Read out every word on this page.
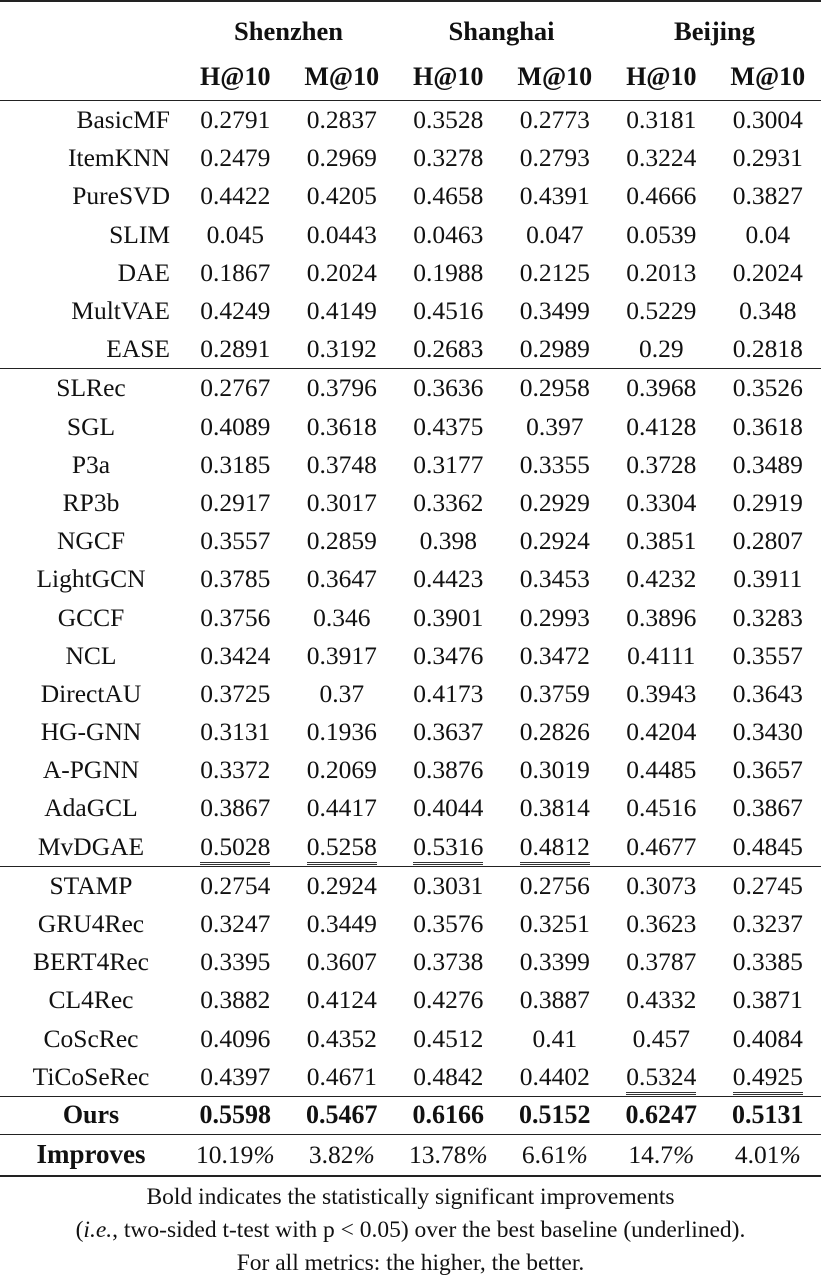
	Shenzhen		Shanghai		Beijing	
	H@10	M@10	H@10	M@10	H@10	M@10
BasicMF	0.2791	0.2837	0.3528	0.2773	0.3181	0.3004
ItemKNN	0.2479	0.2969	0.3278	0.2793	0.3224	0.2931
PureSVD	0.4422	0.4205	0.4658	0.4391	0.4666	0.3827
SLIM	0.045	0.0443	0.0463	0.047	0.0539	0.04
DAE	0.1867	0.2024	0.1988	0.2125	0.2013	0.2024
MultVAE	0.4249	0.4149	0.4516	0.3499	0.5229	0.348
EASE	0.2891	0.3192	0.2683	0.2989	0.29	0.2818
SLRec	0.2767	0.3796	0.3636	0.2958	0.3968	0.3526
SGL	0.4089	0.3618	0.4375	0.397	0.4128	0.3618
P3a	0.3185	0.3748	0.3177	0.3355	0.3728	0.3489
RP3b	0.2917	0.3017	0.3362	0.2929	0.3304	0.2919
NGCF	0.3557	0.2859	0.398	0.2924	0.3851	0.2807
LightGCN	0.3785	0.3647	0.4423	0.3453	0.4232	0.3911
GCCF	0.3756	0.346	0.3901	0.2993	0.3896	0.3283
NCL	0.3424	0.3917	0.3476	0.3472	0.4111	0.3557
DirectAU	0.3725	0.37	0.4173	0.3759	0.3943	0.3643
HG-GNN	0.3131	0.1936	0.3637	0.2826	0.4204	0.3430
A-PGNN	0.3372	0.2069	0.3876	0.3019	0.4485	0.3657
AdaGCL	0.3867	0.4417	0.4044	0.3814	0.4516	0.3867
MvDGAE	0.5028	0.5258	0.5316	0.4812	0.4677	0.4845
STAMP	0.2754	0.2924	0.3031	0.2756	0.3073	0.2745
GRU4Rec	0.3247	0.3449	0.3576	0.3251	0.3623	0.3237
BERT4Rec	0.3395	0.3607	0.3738	0.3399	0.3787	0.3385
CL4Rec	0.3882	0.4124	0.4276	0.3887	0.4332	0.3871
CoScRec	0.4096	0.4352	0.4512	0.41	0.457	0.4084
TiCoSeRec	0.4397	0.4671	0.4842	0.4402	0.5324	0.4925
Ours	0.5598	0.5467	0.6166	0.5152	0.6247	0.5131
Improves	10.19%	3.82%	13.78%	6.61%	14.7%	4.01%
Bold indicates the statistically significant improvements
(i.e., two-sided t-test with p < 0.05) over the best baseline (underlined).
For all metrics: the higher, the better.
